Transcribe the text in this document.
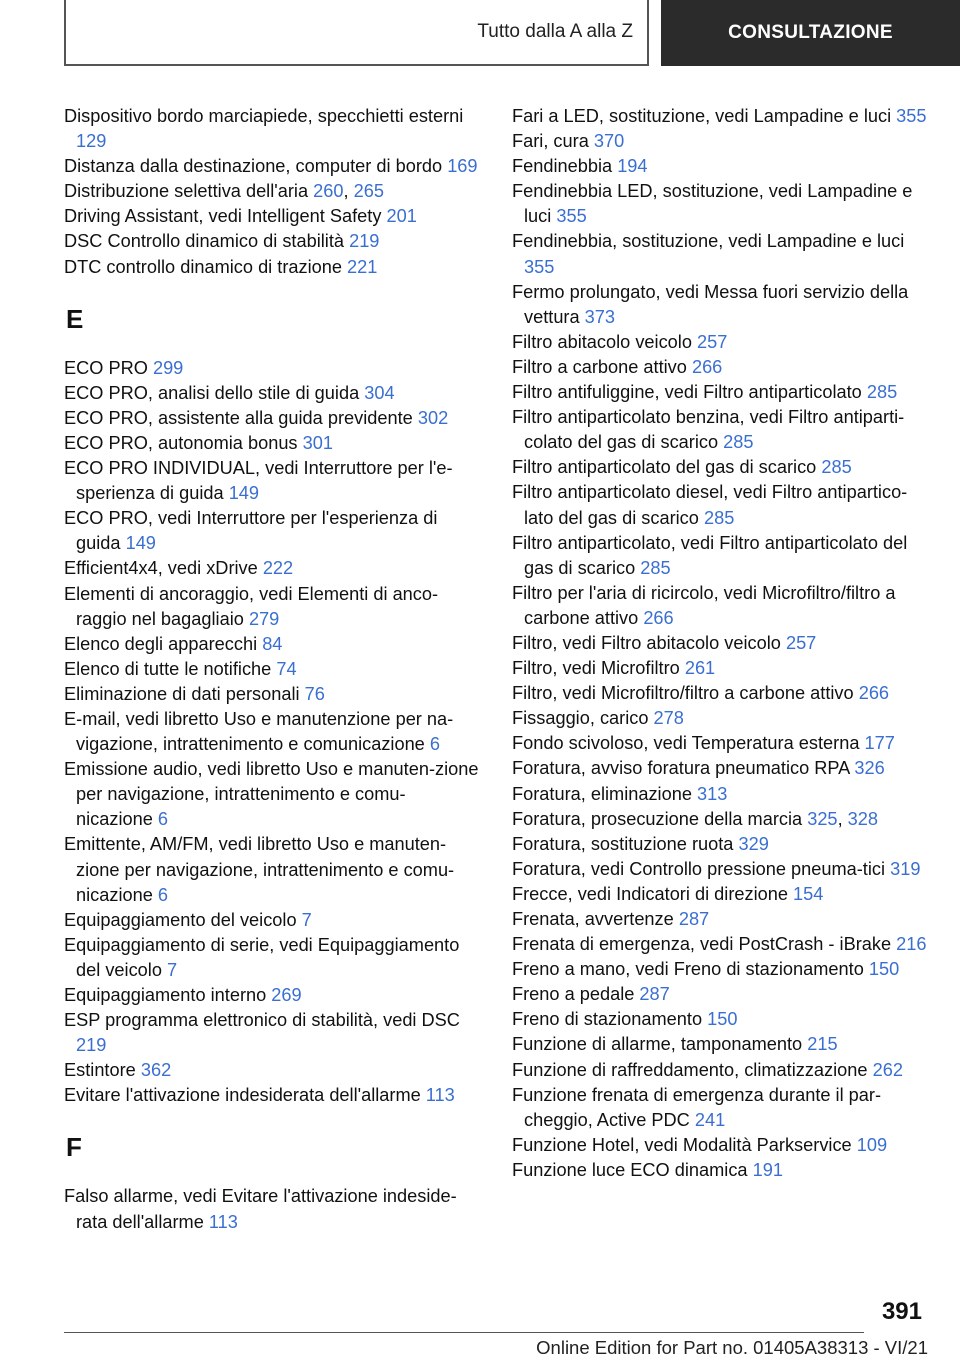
Tutto dalla A alla Z	CONSULTAZIONE
Dispositivo bordo marciapiede, specchietti esterni 129
Distanza dalla destinazione, computer di bordo 169
Distribuzione selettiva dell'aria 260, 265
Driving Assistant, vedi Intelligent Safety 201
DSC Controllo dinamico di stabilità 219
DTC controllo dinamico di trazione 221
E
ECO PRO 299
ECO PRO, analisi dello stile di guida 304
ECO PRO, assistente alla guida previdente 302
ECO PRO, autonomia bonus 301
ECO PRO INDIVIDUAL, vedi Interruttore per l'e-sperienza di guida 149
ECO PRO, vedi Interruttore per l'esperienza di guida 149
Efficient4x4, vedi xDrive 222
Elementi di ancoraggio, vedi Elementi di anco-raggio nel bagagliaio 279
Elenco degli apparecchi 84
Elenco di tutte le notifiche 74
Eliminazione di dati personali 76
E-mail, vedi libretto Uso e manutenzione per na-vigazione, intrattenimento e comunicazione 6
Emissione audio, vedi libretto Uso e manuten-zione per navigazione, intrattenimento e comu-nicazione 6
Emittente, AM/FM, vedi libretto Uso e manuten-zione per navigazione, intrattenimento e comu-nicazione 6
Equipaggiamento del veicolo 7
Equipaggiamento di serie, vedi Equipaggiamento del veicolo 7
Equipaggiamento interno 269
ESP programma elettronico di stabilità, vedi DSC 219
Estintore 362
Evitare l'attivazione indesiderata dell'allarme 113
F
Falso allarme, vedi Evitare l'attivazione indeside-rata dell'allarme 113
Fari a LED, sostituzione, vedi Lampadine e luci 355
Fari, cura 370
Fendinebbia 194
Fendinebbia LED, sostituzione, vedi Lampadine e luci 355
Fendinebbia, sostituzione, vedi Lampadine e luci 355
Fermo prolungato, vedi Messa fuori servizio della vettura 373
Filtro abitacolo veicolo 257
Filtro a carbone attivo 266
Filtro antifuliggine, vedi Filtro antiparticolato 285
Filtro antiparticolato benzina, vedi Filtro antiparti-colato del gas di scarico 285
Filtro antiparticolato del gas di scarico 285
Filtro antiparticolato diesel, vedi Filtro antipartico-lato del gas di scarico 285
Filtro antiparticolato, vedi Filtro antiparticolato del gas di scarico 285
Filtro per l'aria di ricircolo, vedi Microfiltro/filtro a carbone attivo 266
Filtro, vedi Filtro abitacolo veicolo 257
Filtro, vedi Microfiltro 261
Filtro, vedi Microfiltro/filtro a carbone attivo 266
Fissaggio, carico 278
Fondo scivoloso, vedi Temperatura esterna 177
Foratura, avviso foratura pneumatico RPA 326
Foratura, eliminazione 313
Foratura, prosecuzione della marcia 325, 328
Foratura, sostituzione ruota 329
Foratura, vedi Controllo pressione pneuma-tici 319
Frecce, vedi Indicatori di direzione 154
Frenata, avvertenze 287
Frenata di emergenza, vedi PostCrash - iBrake 216
Freno a mano, vedi Freno di stazionamento 150
Freno a pedale 287
Freno di stazionamento 150
Funzione di allarme, tamponamento 215
Funzione di raffreddamento, climatizzazione 262
Funzione frenata di emergenza durante il par-cheggio, Active PDC 241
Funzione Hotel, vedi Modalità Parkservice 109
Funzione luce ECO dinamica 191
391
Online Edition for Part no. 01405A38313 - VI/21
